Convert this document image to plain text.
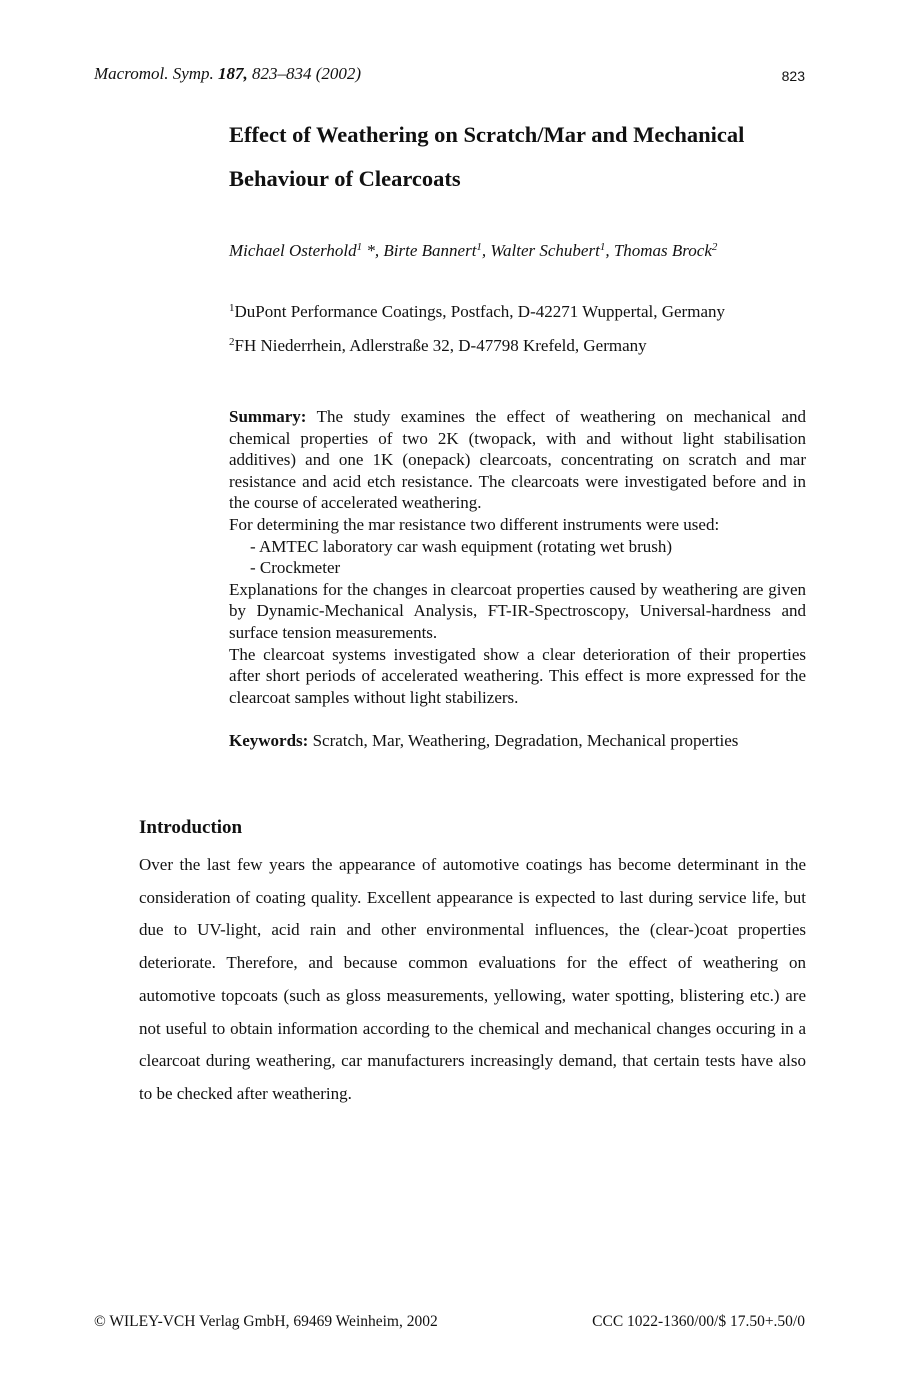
Macromol. Symp. 187, 823–834 (2002)	823
Effect of Weathering on Scratch/Mar and Mechanical
Behaviour of Clearcoats
Michael Osterhold$^1$ *, Birte Bannert$^1$, Walter Schubert$^1$, Thomas Brock$^2$
$^1$DuPont Performance Coatings, Postfach, D-42271 Wuppertal, Germany
$^2$FH Niederrhein, Adlerstraße 32, D-47798 Krefeld, Germany

Summary: The study examines the effect of weathering on mechanical and chemical properties of two 2K (twopack, with and without light stabilisation additives) and one 1K (onepack) clearcoats, concentrating on scratch and mar resistance and acid etch resistance. The clearcoats were investigated before and in the course of accelerated weathering.

For determining the mar resistance two different instruments were used:

- AMTEC laboratory car wash equipment (rotating wet brush)

- Crockmeter

Explanations for the changes in clearcoat properties caused by weathering are given by Dynamic-Mechanical Analysis, FT-IR-Spectroscopy, Universal-hardness and surface tension measurements.

The clearcoat systems investigated show a clear deterioration of their properties after short periods of accelerated weathering. This effect is more expressed for the clearcoat samples without light stabilizers.

Keywords: Scratch, Mar, Weathering, Degradation, Mechanical properties
Introduction

Over the last few years the appearance of automotive coatings has become determinant in the consideration of coating quality. Excellent appearance is expected to last during service life, but due to UV-light, acid rain and other environmental influences, the (clear-)coat properties deteriorate. Therefore, and because common evaluations for the effect of weathering on automotive topcoats (such as gloss measurements, yellowing, water spotting, blistering etc.) are not useful to obtain information according to the chemical and mechanical changes occuring in a clearcoat during weathering, car manufacturers increasingly demand, that certain tests have also to be checked after weathering.

© WILEY-VCH Verlag GmbH, 69469 Weinheim, 2002	CCC 1022-1360/00/$ 17.50+.50/0
